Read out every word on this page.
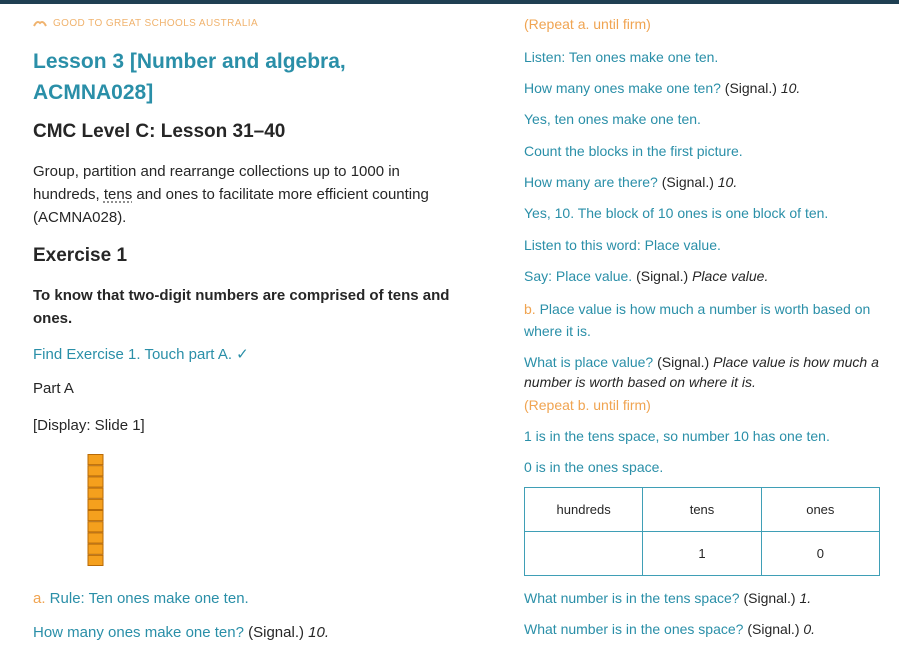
GOOD TO GREAT SCHOOLS AUSTRALIA
Lesson 3 [Number and algebra, ACMNA028]
CMC Level C: Lesson 31–40
Group, partition and rearrange collections up to 1000 in hundreds, tens and ones to facilitate more efficient counting (ACMNA028).
Exercise 1
To know that two-digit numbers are comprised of tens and ones.
Find Exercise 1. Touch part A. ✓
Part A
[Display: Slide 1]
a. Rule: Ten ones make one ten.
How many ones make one ten? (Signal.) 10.
(Repeat a. until firm)
Listen: Ten ones make one ten.
How many ones make one ten? (Signal.) 10.
Yes, ten ones make one ten.
Count the blocks in the first picture.
How many are there? (Signal.) 10.
Yes, 10. The block of 10 ones is one block of ten.
Listen to this word: Place value.
Say: Place value. (Signal.) Place value.
b. Place value is how much a number is worth based on where it is.
What is place value? (Signal.) Place value is how much a number is worth based on where it is.
(Repeat b. until firm)
1 is in the tens space, so number 10 has one ten.
0 is in the ones space.
hundreds	tens	ones
	1	0
What number is in the tens space? (Signal.) 1.
What number is in the ones space? (Signal.) 0.
